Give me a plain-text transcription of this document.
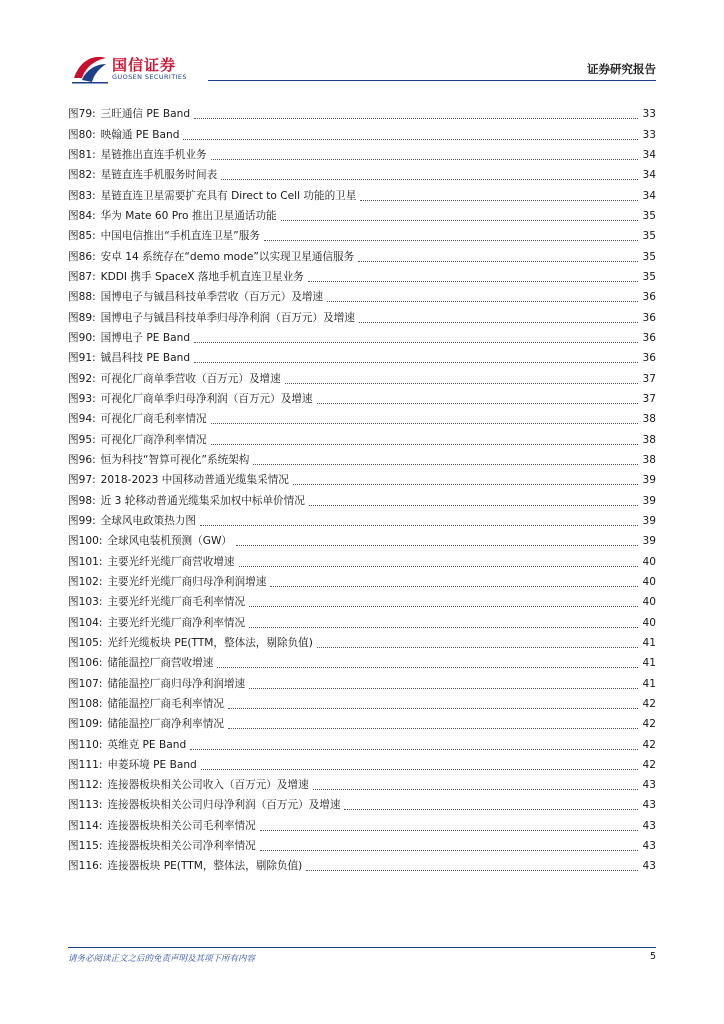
国信证券
GUOSEN SECURITIES
证券研究报告
图79: 三旺通信 PE Band	33
图80: 映翰通 PE Band	33
图81: 星链推出直连手机业务	34
图82: 星链直连手机服务时间表	34
图83: 星链直连卫星需要扩充具有 Direct to Cell 功能的卫星	34
图84: 华为 Mate 60 Pro 推出卫星通话功能	35
图85: 中国电信推出“手机直连卫星”服务	35
图86: 安卓 14 系统存在“demo mode”以实现卫星通信服务	35
图87: KDDI 携手 SpaceX 落地手机直连卫星业务	35
图88: 国博电子与铖昌科技单季营收（百万元）及增速	36
图89: 国博电子与铖昌科技单季归母净利润（百万元）及增速	36
图90: 国博电子 PE Band	36
图91: 铖昌科技 PE Band	36
图92: 可视化厂商单季营收（百万元）及增速	37
图93: 可视化厂商单季归母净利润（百万元）及增速	37
图94: 可视化厂商毛利率情况	38
图95: 可视化厂商净利率情况	38
图96: 恒为科技“智算可视化”系统架构	38
图97: 2018-2023 中国移动普通光缆集采情况	39
图98: 近 3 轮移动普通光缆集采加权中标单价情况	39
图99: 全球风电政策热力图	39
图100: 全球风电装机预测（GW）	39
图101: 主要光纤光缆厂商营收增速	40
图102: 主要光纤光缆厂商归母净利润增速	40
图103: 主要光纤光缆厂商毛利率情况	40
图104: 主要光纤光缆厂商净利率情况	40
图105: 光纤光缆板块 PE(TTM，整体法，剔除负值)	41
图106: 储能温控厂商营收增速	41
图107: 储能温控厂商归母净利润增速	41
图108: 储能温控厂商毛利率情况	42
图109: 储能温控厂商净利率情况	42
图110: 英维克 PE Band	42
图111: 申菱环境 PE Band	42
图112: 连接器板块相关公司收入（百万元）及增速	43
图113: 连接器板块相关公司归母净利润（百万元）及增速	43
图114: 连接器板块相关公司毛利率情况	43
图115: 连接器板块相关公司净利率情况	43
图116: 连接器板块 PE(TTM，整体法，剔除负值)	43
请务必阅读正文之后的免责声明及其项下所有内容	5
